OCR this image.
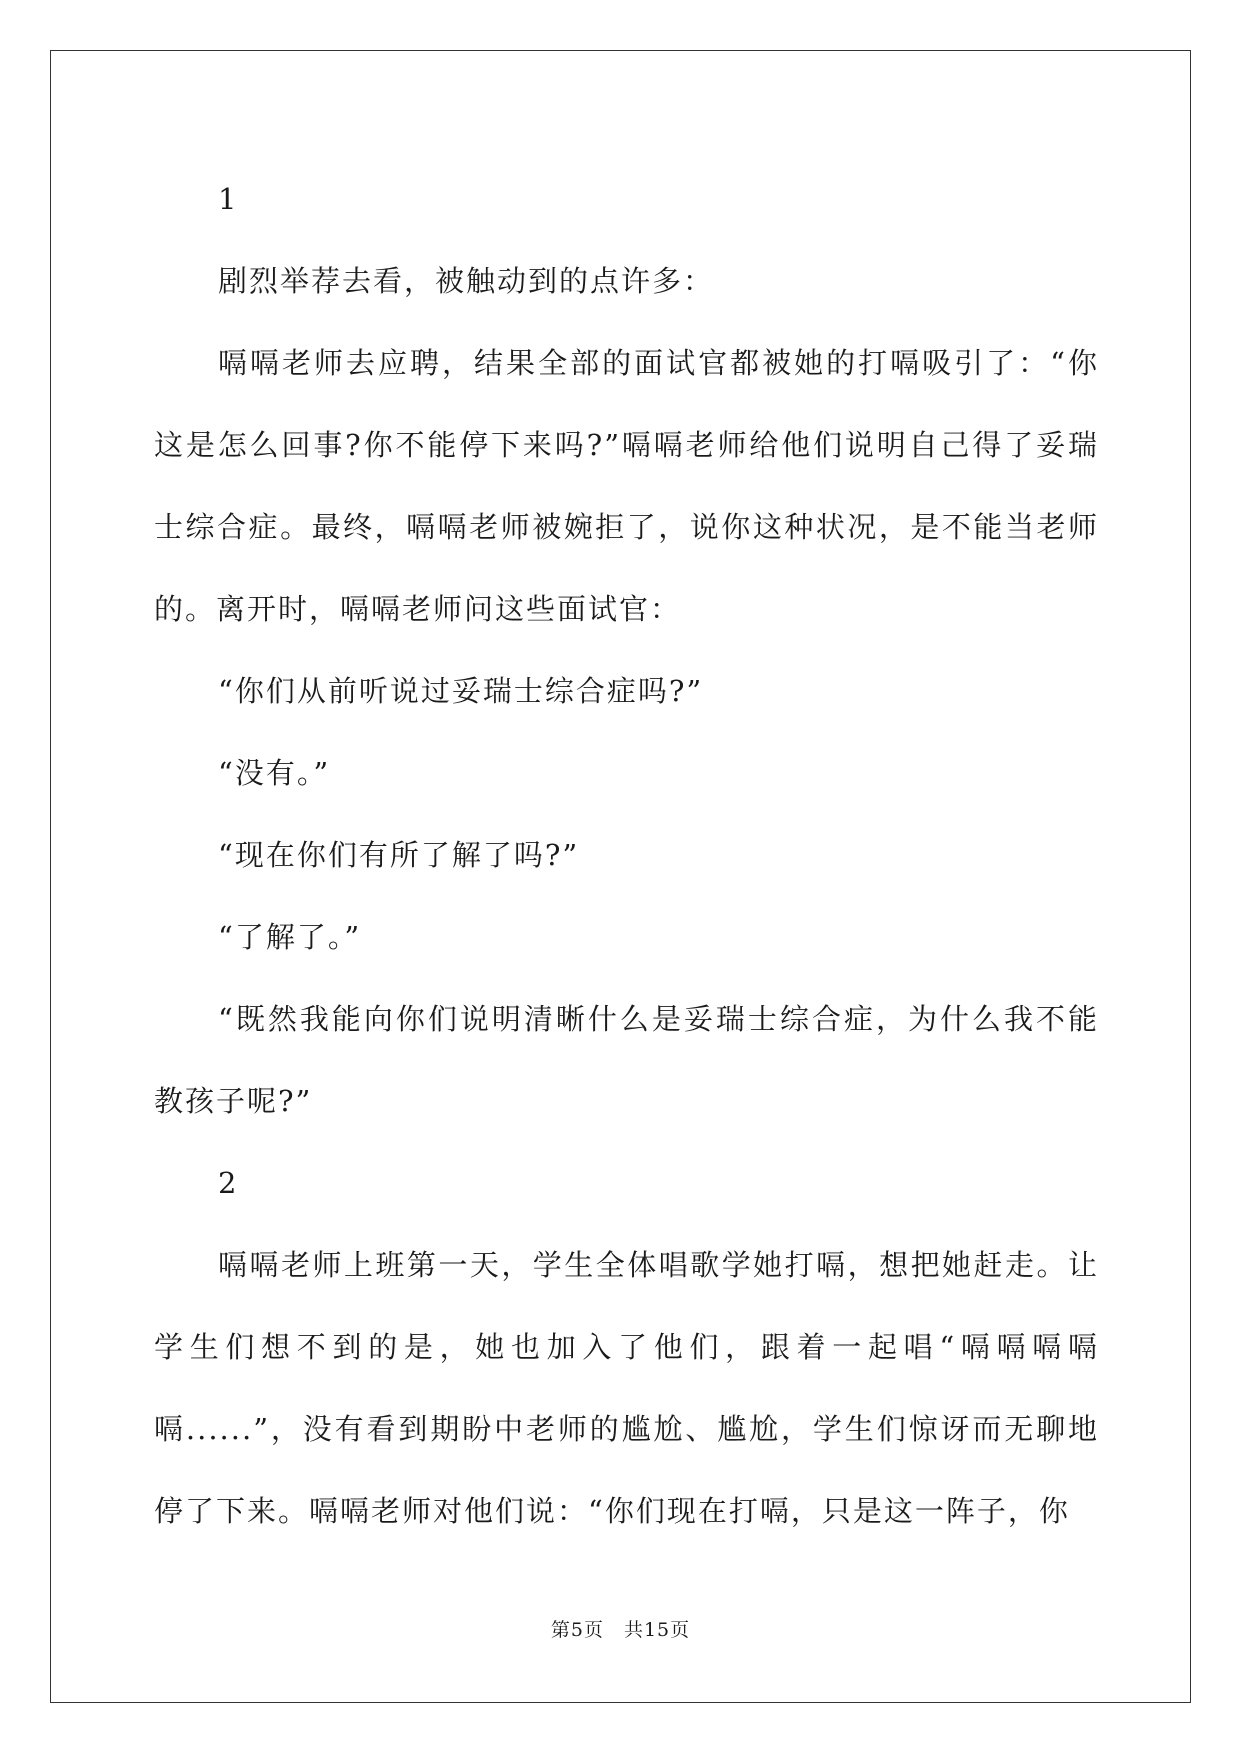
1

剧烈举荐去看，被触动到的点许多：

嗝嗝老师去应聘，结果全部的面试官都被她的打嗝吸引了：“你这是怎么回事?你不能停下来吗?”嗝嗝老师给他们说明自己得了妥瑞士综合症。最终，嗝嗝老师被婉拒了，说你这种状况，是不能当老师的。离开时，嗝嗝老师问这些面试官：

“你们从前听说过妥瑞士综合症吗?”

“没有。”

“现在你们有所了解了吗?”

“了解了。”

“既然我能向你们说明清晰什么是妥瑞士综合症，为什么我不能教孩子呢?”

2

嗝嗝老师上班第一天，学生全体唱歌学她打嗝，想把她赶走。让学生们想不到的是，她也加入了他们，跟着一起唱“嗝嗝嗝嗝嗝......”，没有看到期盼中老师的尴尬、尴尬，学生们惊讶而无聊地停了下来。嗝嗝老师对他们说：“你们现在打嗝，只是这一阵子，你

第5页　共15页
